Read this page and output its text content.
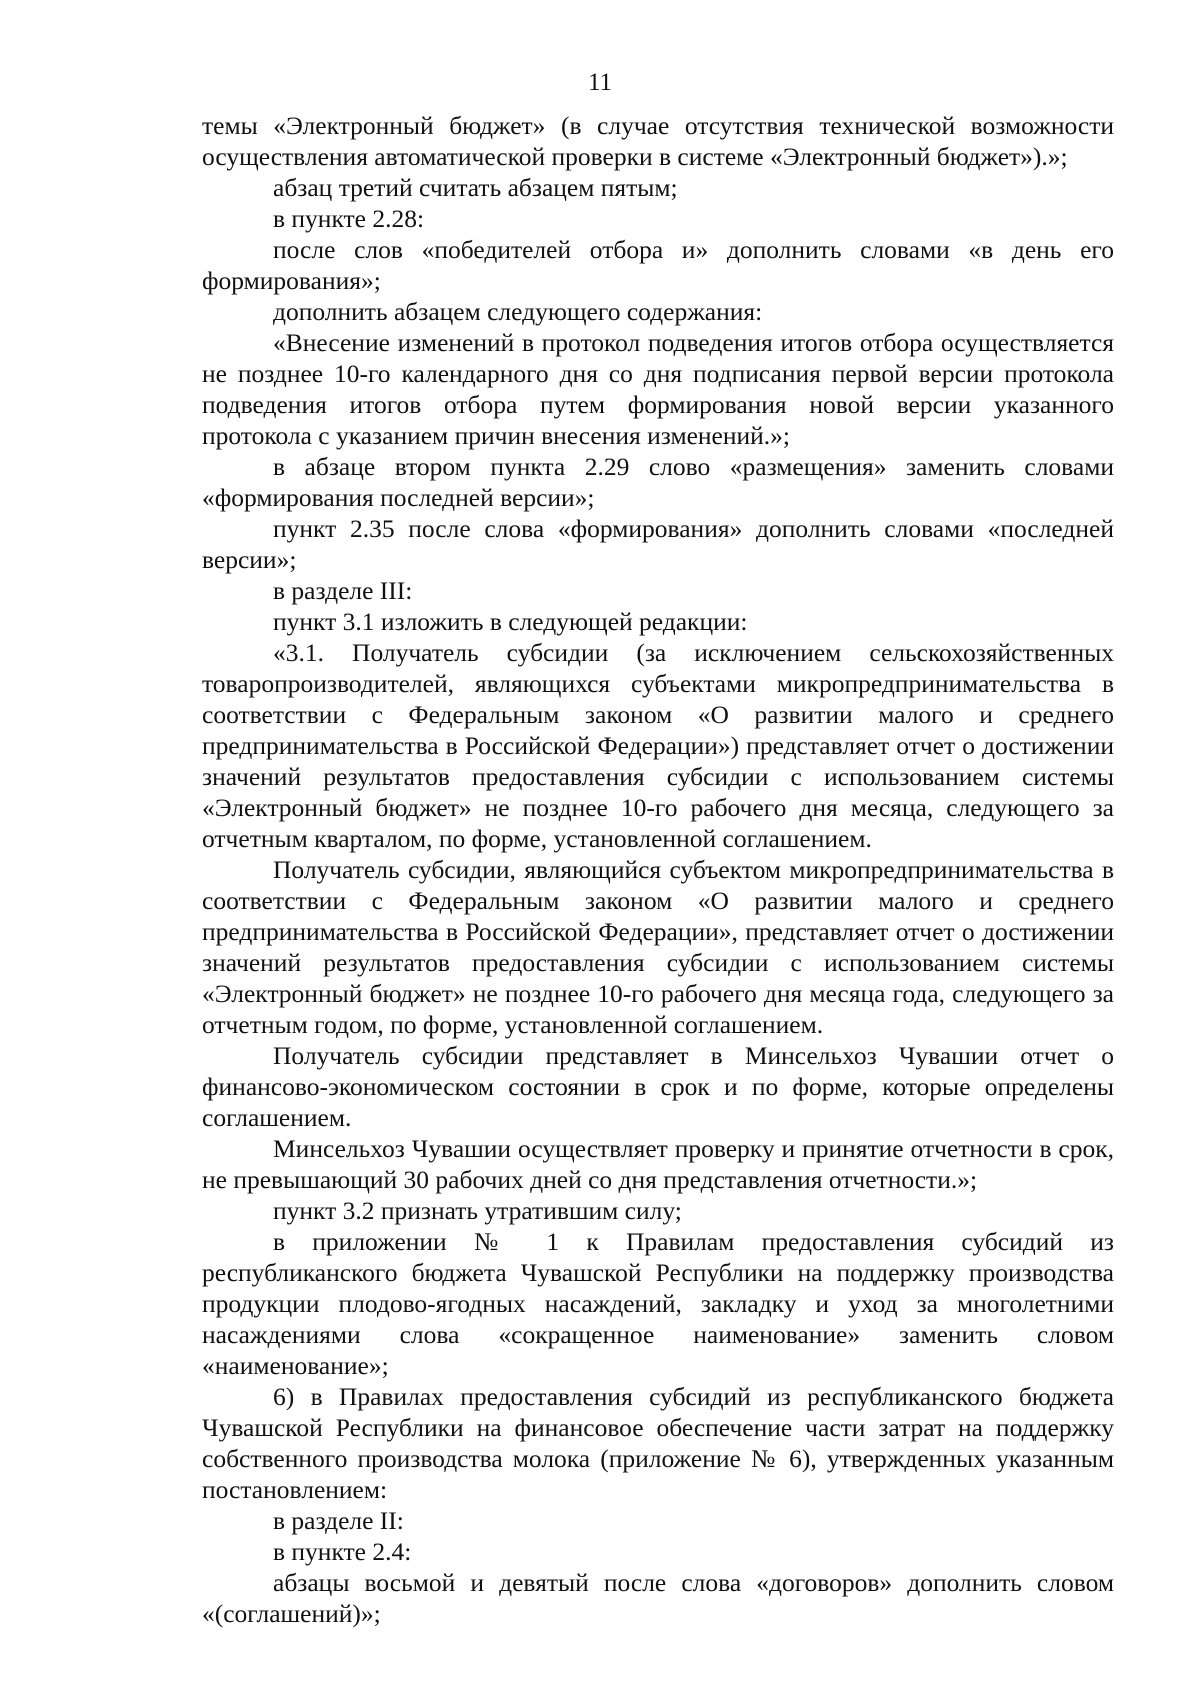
11

темы «Электронный бюджет» (в случае отсутствия технической возможности осуществления автоматической проверки в системе «Электронный бюджет»).»;

абзац третий считать абзацем пятым;

в пункте 2.28:

после слов «победителей отбора и» дополнить словами «в день его формирования»;

дополнить абзацем следующего содержания:

«Внесение изменений в протокол подведения итогов отбора осуществляется не позднее 10-го календарного дня со дня подписания первой версии протокола подведения итогов отбора путем формирования новой версии указанного протокола с указанием причин внесения изменений.»;

в абзаце втором пункта 2.29 слово «размещения» заменить словами «формирования последней версии»;

пункт 2.35 после слова «формирования» дополнить словами «последней версии»;

в разделе III:

пункт 3.1 изложить в следующей редакции:

«3.1. Получатель субсидии (за исключением сельскохозяйственных товаропроизводителей, являющихся субъектами микропредпринимательства в соответствии с Федеральным законом «О развитии малого и среднего предпринимательства в Российской Федерации») представляет отчет о достижении значений результатов предоставления субсидии с использованием системы «Электронный бюджет» не позднее 10-го рабочего дня месяца, следующего за отчетным кварталом, по форме, установленной соглашением.

Получатель субсидии, являющийся субъектом микропредпринимательства в соответствии с Федеральным законом «О развитии малого и среднего предпринимательства в Российской Федерации», представляет отчет о достижении значений результатов предоставления субсидии с использованием системы «Электронный бюджет» не позднее 10-го рабочего дня месяца года, следующего за отчетным годом, по форме, установленной соглашением.

Получатель субсидии представляет в Минсельхоз Чувашии отчет о финансово-экономическом состоянии в срок и по форме, которые определены соглашением.

Минсельхоз Чувашии осуществляет проверку и принятие отчетности в срок, не превышающий 30 рабочих дней со дня представления отчетности.»;

пункт 3.2 признать утратившим силу;

в приложении № 1 к Правилам предоставления субсидий из республиканского бюджета Чувашской Республики на поддержку производства продукции плодово-ягодных насаждений, закладку и уход за многолетними насаждениями слова «сокращенное наименование» заменить словом «наименование»;

6) в Правилах предоставления субсидий из республиканского бюджета Чувашской Республики на финансовое обеспечение части затрат на поддержку собственного производства молока (приложение № 6), утвержденных указанным постановлением:

в разделе II:

в пункте 2.4:

абзацы восьмой и девятый после слова «договоров» дополнить словом «(соглашений)»;
